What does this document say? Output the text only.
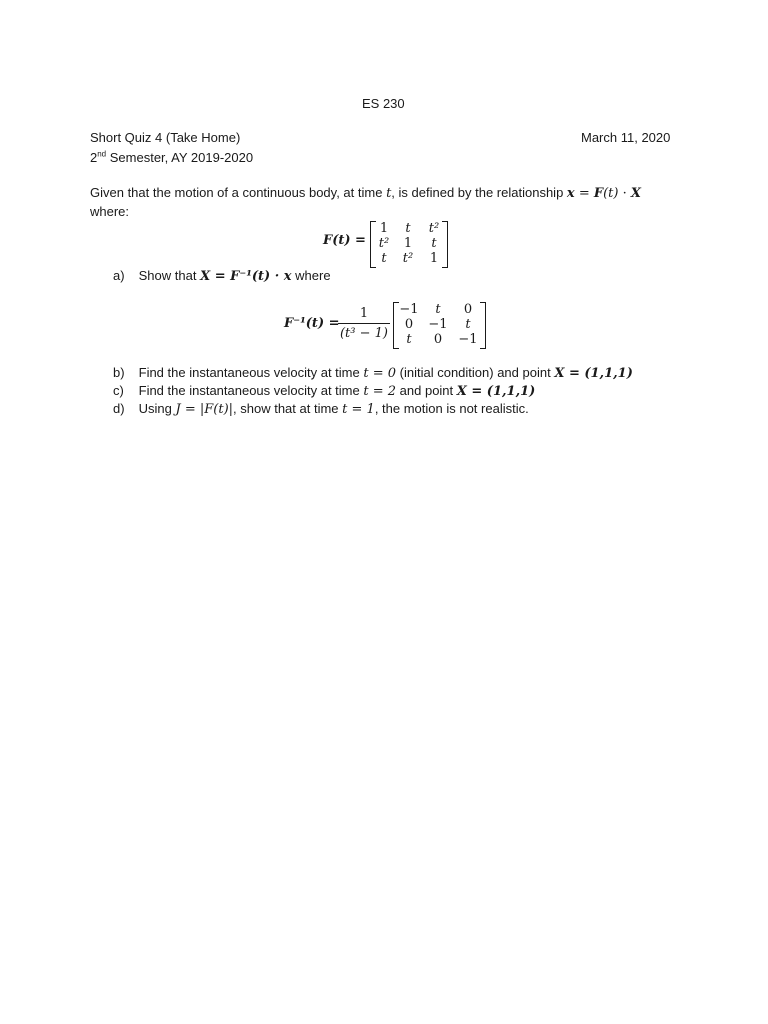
ES 230
Short Quiz 4 (Take Home)	March 11, 2020
2nd Semester, AY 2019-2020
Given that the motion of a continuous body, at time t, is defined by the relationship x = F(t) · X
where:
F(t) =
1	t	t²
t²	1	t
t	t²	1
a) Show that X = F⁻¹(t) · x where
F⁻¹(t) =
1
(t³ − 1)
−1	t	0
0	−1	t
t	0	−1
b) Find the instantaneous velocity at time t = 0 (initial condition) and point X = (1,1,1)
c) Find the instantaneous velocity at time t = 2 and point X = (1,1,1)
d) Using J = |F(t)|, show that at time t = 1, the motion is not realistic.
